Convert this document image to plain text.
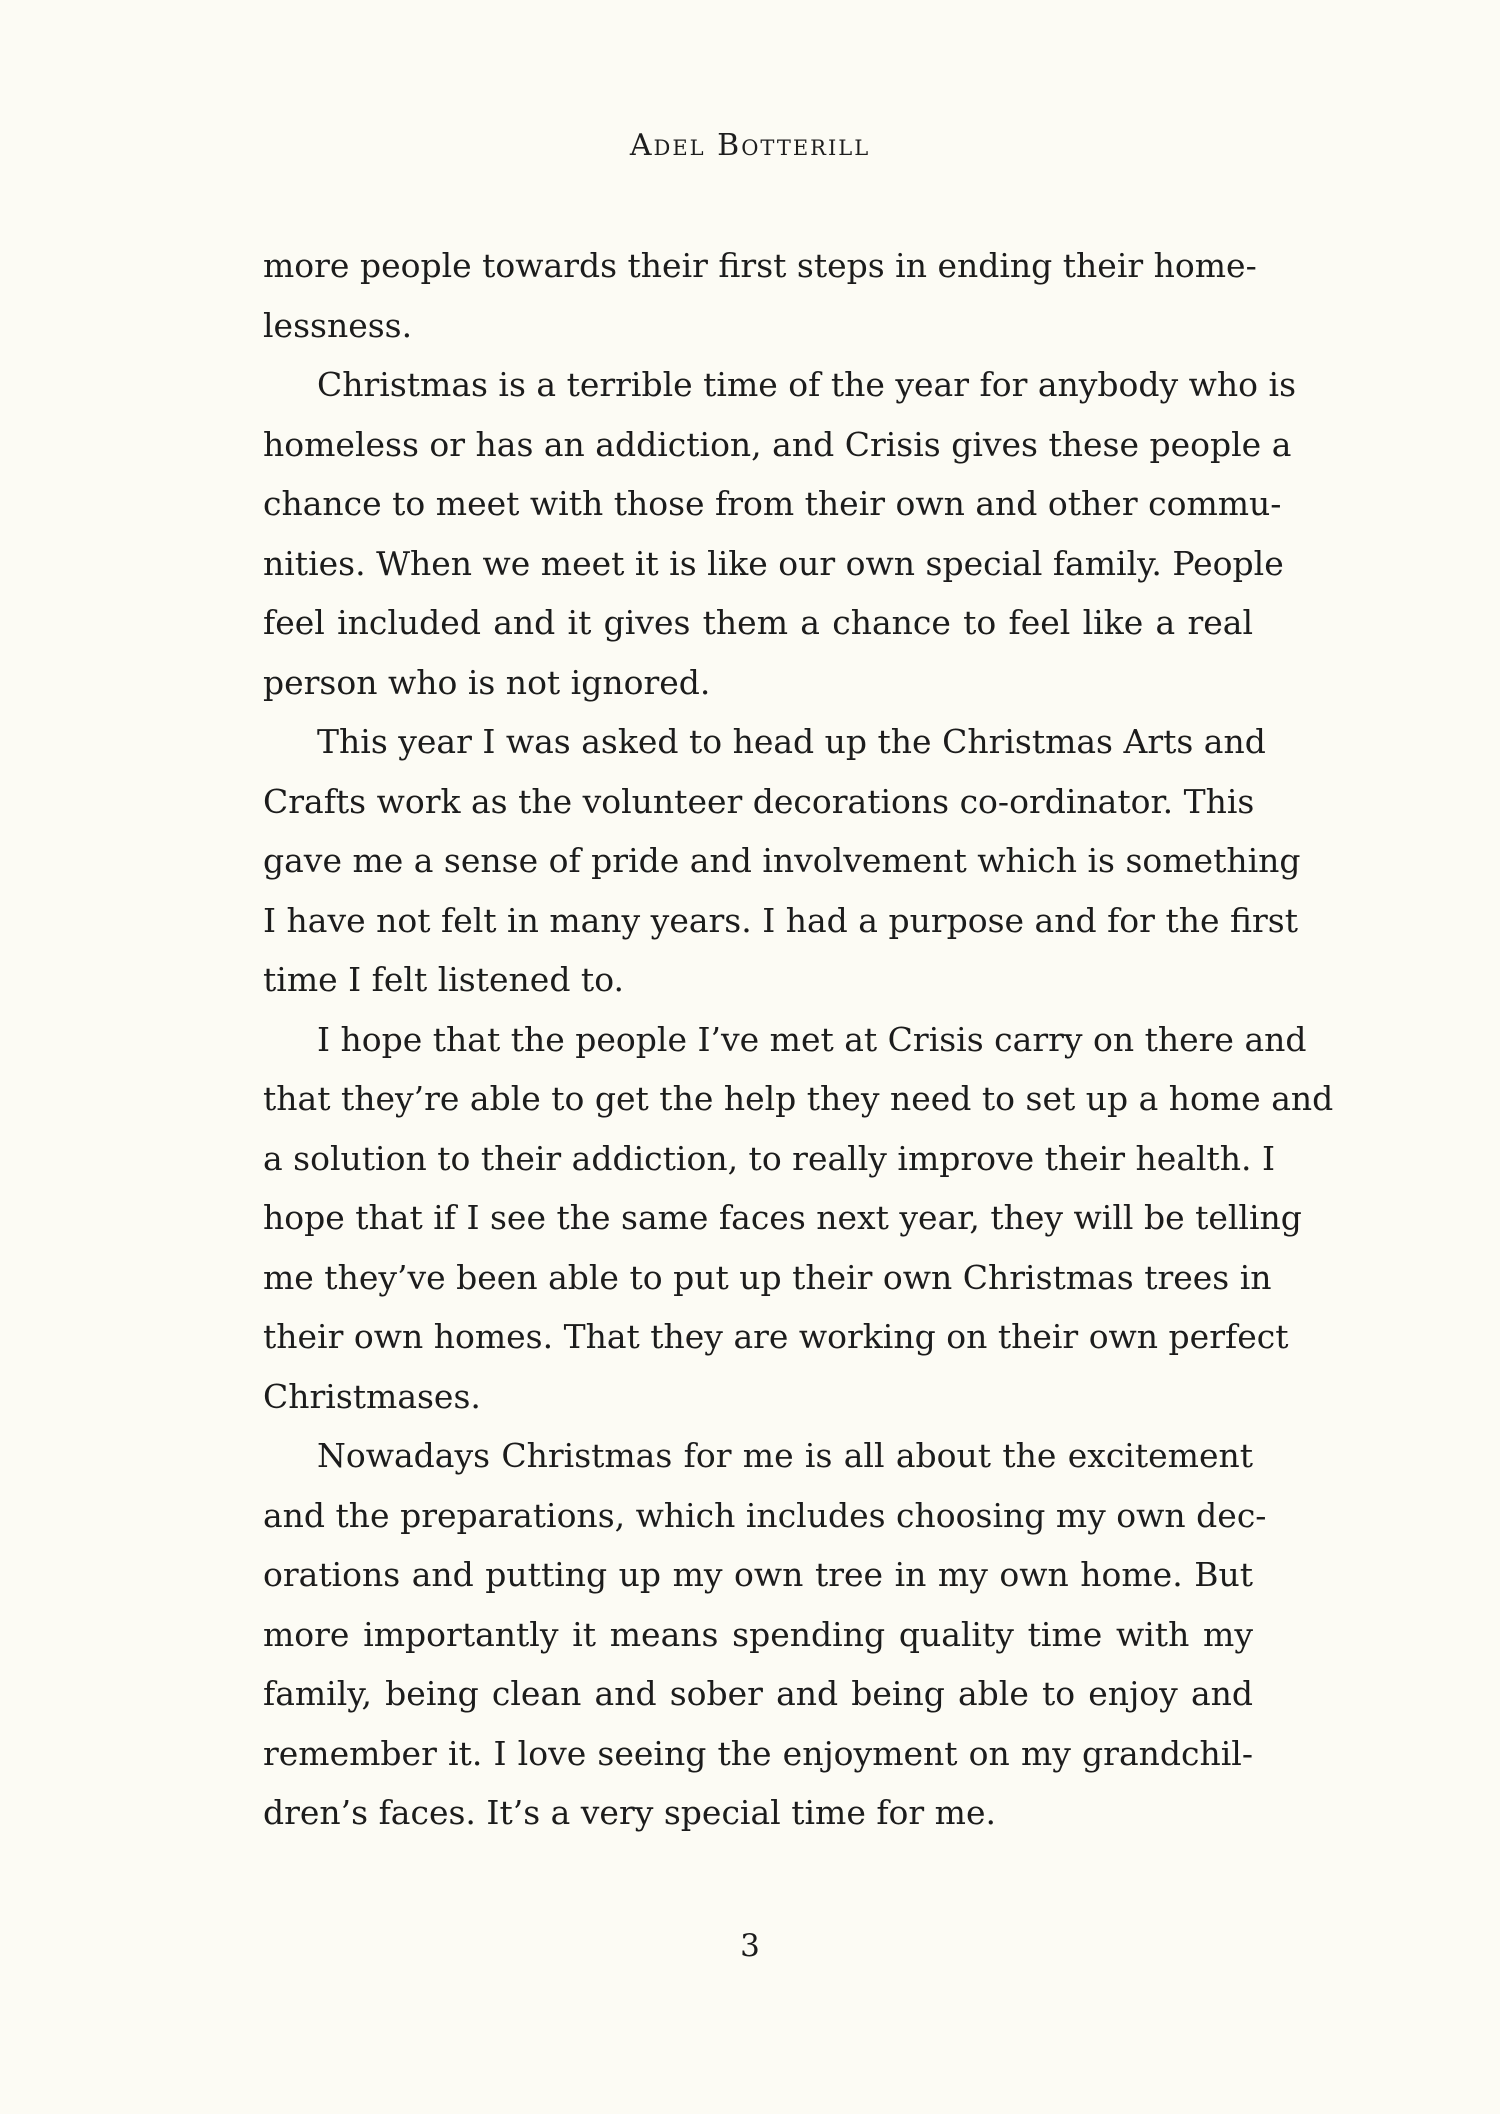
Adel Botterill
more people towards their first steps in ending their home-
lessness.
Christmas is a terrible time of the year for anybody who is
homeless or has an addiction, and Crisis gives these people a
chance to meet with those from their own and other commu-
nities. When we meet it is like our own special family. People
feel included and it gives them a chance to feel like a real
person who is not ignored.
This year I was asked to head up the Christmas Arts and
Crafts work as the volunteer decorations co-ordinator. This
gave me a sense of pride and involvement which is something
I have not felt in many years. I had a purpose and for the first
time I felt listened to.
I hope that the people I’ve met at Crisis carry on there and
that they’re able to get the help they need to set up a home and
a solution to their addiction, to really improve their health. I
hope that if I see the same faces next year, they will be telling
me they’ve been able to put up their own Christmas trees in
their own homes. That they are working on their own perfect
Christmases.
Nowadays Christmas for me is all about the excitement
and the preparations, which includes choosing my own dec-
orations and putting up my own tree in my own home. But
more importantly it means spending quality time with my
family, being clean and sober and being able to enjoy and
remember it. I love seeing the enjoyment on my grandchil-
dren’s faces. It’s a very special time for me.
3
